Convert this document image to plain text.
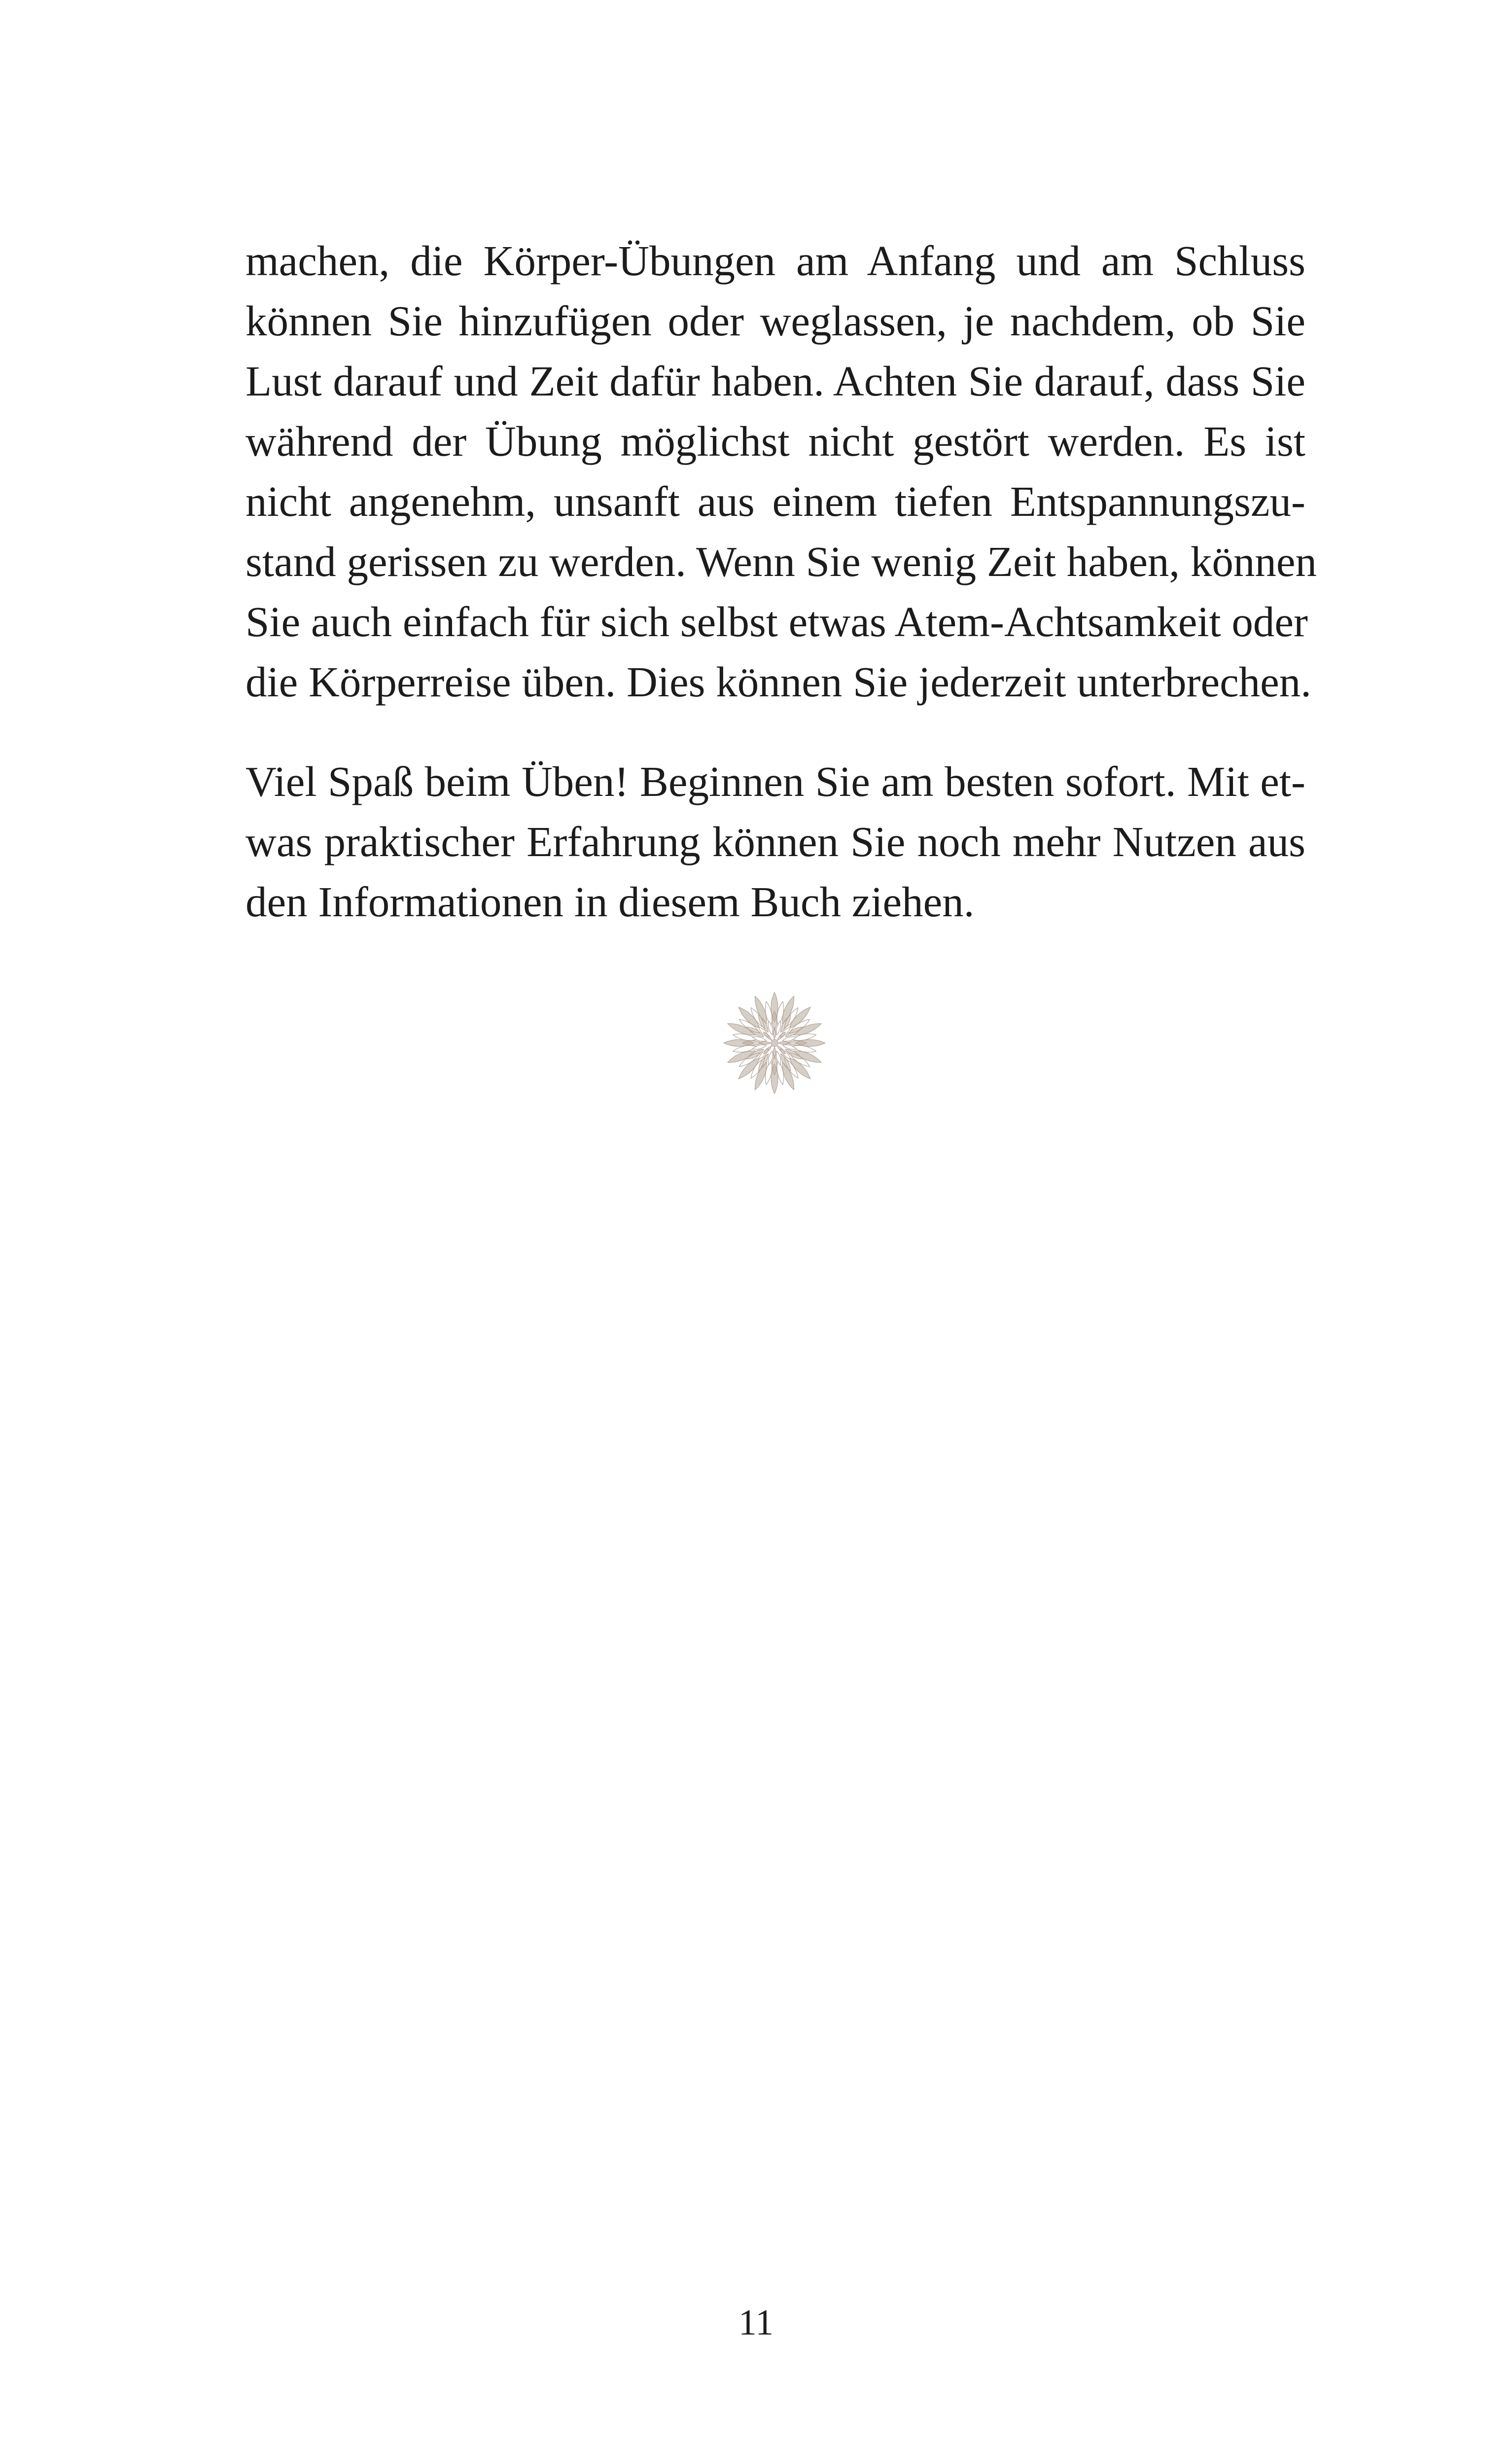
machen, die Körper-Übungen am Anfang und am Schluss
können Sie hinzufügen oder weglassen, je nachdem, ob Sie
Lust darauf und Zeit dafür haben. Achten Sie darauf, dass Sie
während der Übung möglichst nicht gestört werden. Es ist
nicht angenehm, unsanft aus einem tiefen Entspannungszu-
stand gerissen zu werden. Wenn Sie wenig Zeit haben, können
Sie auch einfach für sich selbst etwas Atem-Achtsamkeit oder
die Körperreise üben. Dies können Sie jederzeit unterbrechen.
Viel Spaß beim Üben! Beginnen Sie am besten sofort. Mit et-
was praktischer Erfahrung können Sie noch mehr Nutzen aus
den Informationen in diesem Buch ziehen.
11
